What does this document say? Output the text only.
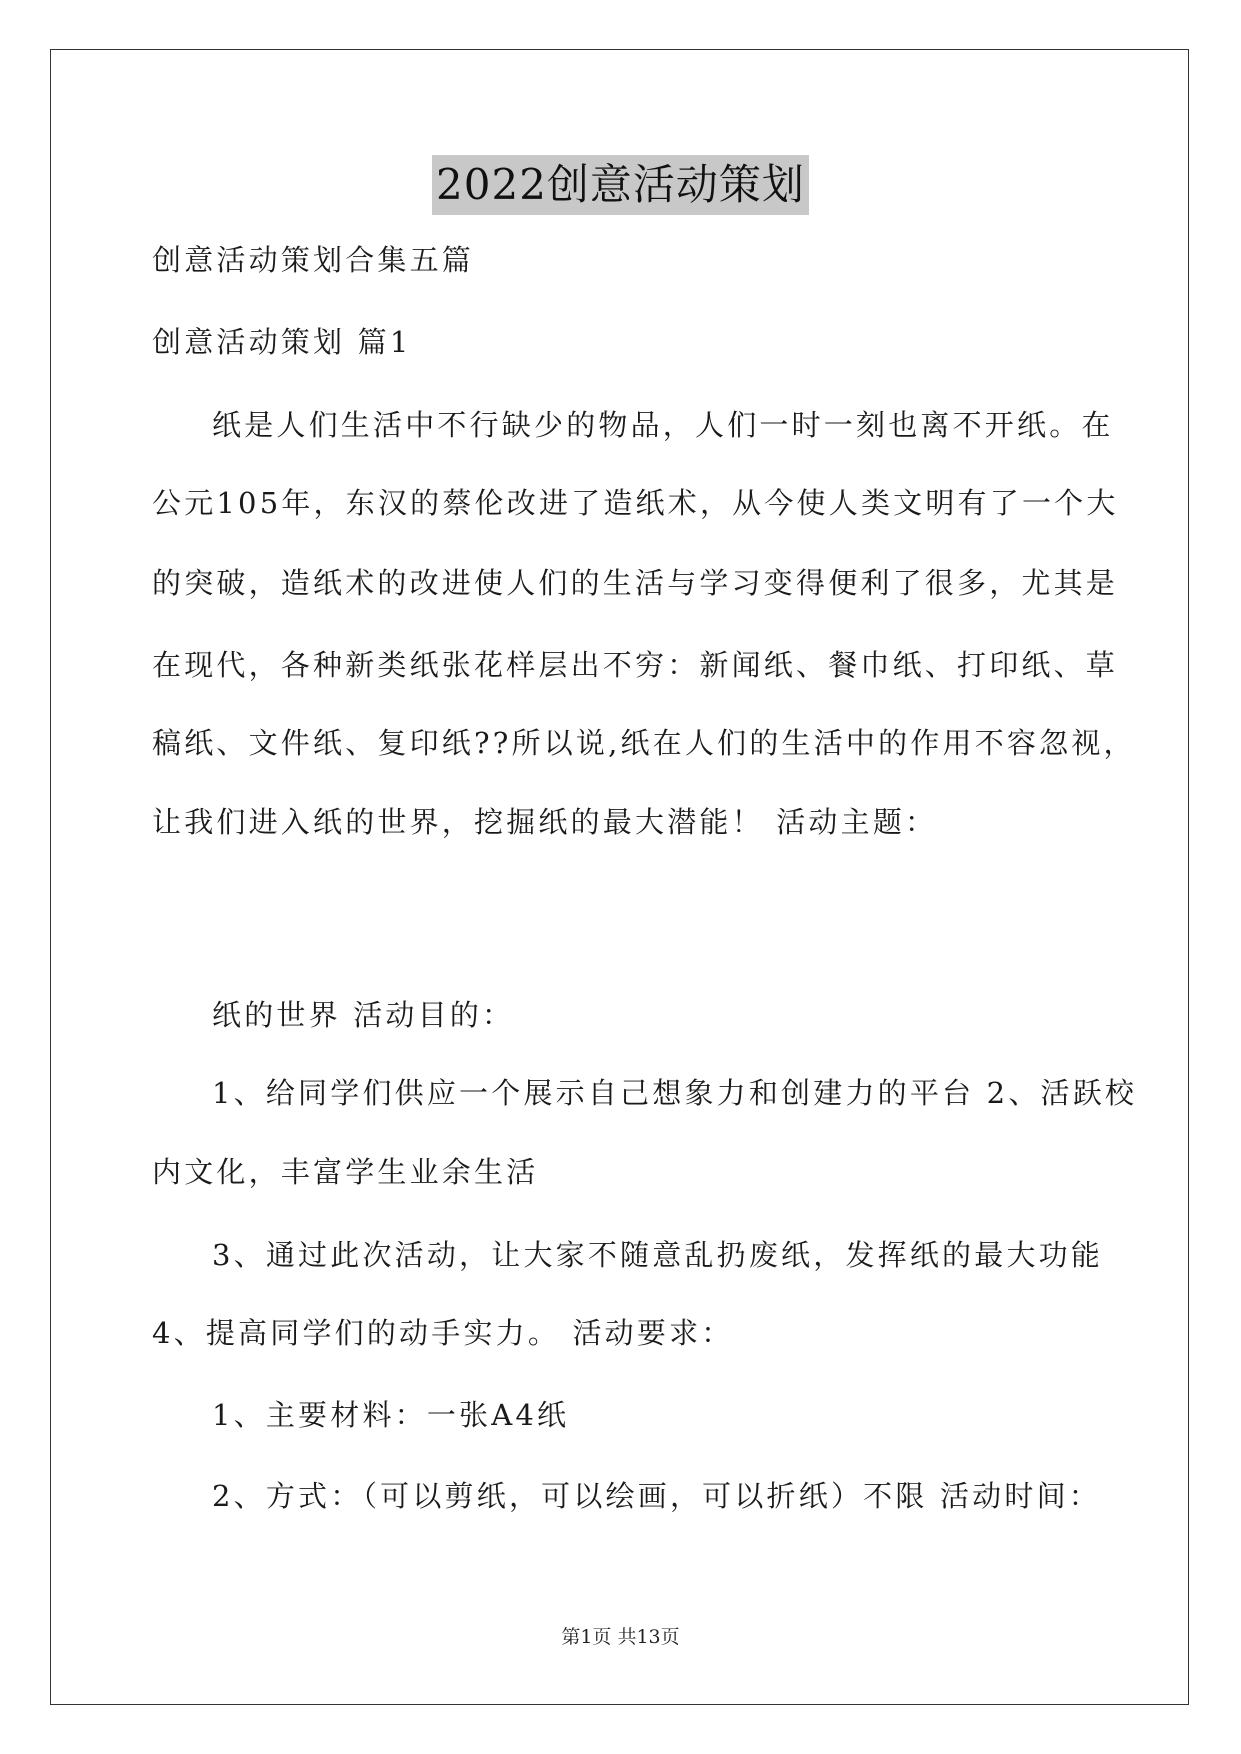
2022创意活动策划
创意活动策划合集五篇
创意活动策划 篇1
纸是人们生活中不行缺少的物品，人们一时一刻也离不开纸。在
公元105年，东汉的蔡伦改进了造纸术，从今使人类文明有了一个大
的突破，造纸术的改进使人们的生活与学习变得便利了很多，尤其是
在现代，各种新类纸张花样层出不穷：新闻纸、餐巾纸、打印纸、草
稿纸、文件纸、复印纸??所以说,纸在人们的生活中的作用不容忽视，
让我们进入纸的世界，挖掘纸的最大潜能！ 活动主题：
纸的世界 活动目的：
1、给同学们供应一个展示自己想象力和创建力的平台 2、活跃校
内文化，丰富学生业余生活
3、通过此次活动，让大家不随意乱扔废纸，发挥纸的最大功能
4、提高同学们的动手实力。 活动要求：
1、主要材料：一张A4纸
2、方式：（可以剪纸，可以绘画，可以折纸）不限 活动时间：
第1页 共13页
